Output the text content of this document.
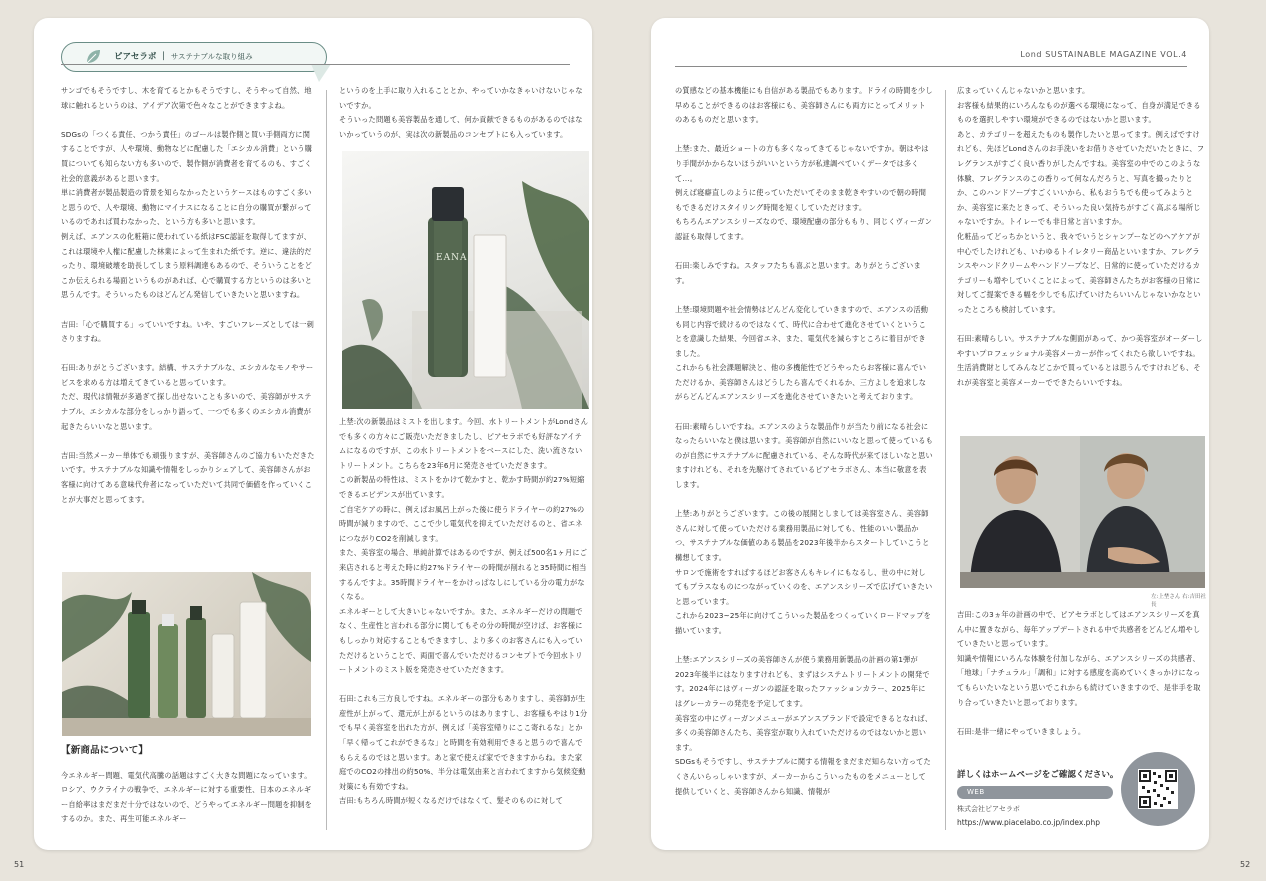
ピアセラボ ｜ サステナブルな取り組み

サンゴでもそうですし、木を育てるとかもそうですし、そうやって自然、地球に触れるというのは、アイデア次第で色々なことができますよね。

SDGsの「つくる責任、つかう責任」のゴールは製作側と買い手側両方に関することですが、人や環境、動物などに配慮した「エシカル消費」という購買についても知らない方も多いので、製作側が消費者を育てるのも、すごく社会的意義があると思います。
単に消費者が製品製造の背景を知らなかったというケースはものすごく多いと思うので、人や環境、動物にマイナスになることに自分の購買が繋がっているのであれば買わなかった、という方も多いと思います。
例えば、エアンスの化粧箱に使われている紙はFSC認証を取得してますが、これは環境や人権に配慮した林業によって生まれた紙です。逆に、違法的だったり、環境破壊を助長してしまう原料調達もあるので、そういうことをどこか伝えられる場面というものがあれば、心で購買する方というのは多いと思うんです。そういったものはどんどん発信していきたいと思いますね。

吉田:「心で購買する」っていいですね。いや、すごいフレーズとしては一刺さりますね。

石田:ありがとうございます。結構、サステナブルな、エシカルなモノやサービスを求める方は増えてきていると思っています。
ただ、現代は情報が多過ぎて探し出せないことも多いので、美容師がサステナブル、エシカルな部分をしっかり語って、一つでも多くのエシカル消費が起きたらいいなと思います。

吉田:当然メーカー単体でも頑張りますが、美容師さんのご協力もいただきたいです。サステナブルな知識や情報をしっかりシェアして、美容師さんがお客様に向けてある意味代弁者になっていただいて共同で価値を作っていくことが大事だと思ってます。

【新商品について】

今エネルギー問題、電気代高騰の話題はすごく大きな問題になっています。ロシア、ウクライナの戦争で、エネルギーに対する重要性、日本のエネルギー自給率はまだまだ十分ではないので、どうやってエネルギー問題を抑制をするのか。また、再生可能エネルギー

というのを上手に取り入れることとか、やっていかなきゃいけないじゃないですか。
そういった問題も美容製品を通して、何か貢献できるものがあるのではないかっていうのが、実は次の新製品のコンセプトにも入っています。

EANA

上埜:次の新製品はミストを出します。今回、水トリートメントがLondさんでも多くの方々にご販売いただきましたし、ピアセラボでも好評なアイテムになるのですが、この水トリートメントをベースにした、洗い流さないトリートメント。こちらを23年6月に発売させていただきます。
この新製品の特性は、ミストをかけて乾かすと、乾かす時間が約27%短縮できるエビデンスが出ています。
ご自宅ケアの時に、例えばお風呂上がった後に使うドライヤーの約27%の時間が減りますので、ここで少し電気代を抑えていただけるのと、省エネにつながりCO2を削減します。
また、美容室の場合、単純計算ではあるのですが、例えば500名1ヶ月にご来店されると考えた時に約27%ドライヤーの時間が削れると35時間に相当するんですよ。35時間ドライヤーをかけっぱなしにしている分の電力がなくなる。
エネルギーとして大きいじゃないですか。また、エネルギーだけの問題でなく、生産性と言われる部分に関してもその分の時間が空けば、お客様にもしっかり対応することもできますし、より多くのお客さんにも入っていただけるということで、両面で喜んでいただけるコンセプトで今回水トリートメントのミスト版を発売させていただきます。

石田:これも三方良しですね。エネルギーの部分もありますし、美容師が生産性が上がって、還元が上がるというのはありますし、お客様もやはり1分でも早く美容室を出れた方が、例えば「美容室帰りにここ寄れるな」とか「早く帰ってこれができるな」と時間を有効利用できると思うので喜んでもらえるのではと思います。あと家で使えば家でできますからね。また家庭でのCO2の排出の約50%、半分は電気由来と言われてますから気候変動対策にも有効ですね。
吉田:もちろん時間が短くなるだけではなくて、髪そのものに対して

51
Lond SUSTAINABLE MAGAZINE VOL.4

の質感などの基本機能にも自信がある製品でもあります。ドライの時間を少し早めることができるのはお客様にも、美容師さんにも両方にとってメリットのあるものだと思います。

上埜:また、最近ショートの方も多くなってきてるじゃないですか。朝はやはり手間がかからないほうがいいという方が私達調べていくデータでは多くて…。
例えば寝癖直しのように使っていただいてそのまま乾きやすいので朝の時間もできるだけスタイリング時間を短くしていただけます。
もちろんエアンスシリーズなので、環境配慮の部分ももり、同じくヴィーガン認証も取得してます。

石田:楽しみですね。スタッフたちも喜ぶと思います。ありがとうございます。

上埜:環境問題や社会情勢はどんどん変化していきますので、エアンスの活動も同じ内容で続けるのではなくて、時代に合わせて進化させていくということを意識した結果、今回省エネ、また、電気代を減らすところに着目ができました。
これからも社会課題解決と、他の多機能性でどうやったらお客様に喜んでいただけるか、美容師さんはどうしたら喜んでくれるか、三方よしを追求しながらどんどんエアンスシリーズを進化させていきたいと考えております。

石田:素晴らしいですね。エアンスのような製品作りが当たり前になる社会になったらいいなと僕は思います。美容師が自然にいいなと思って使っているものが自然にサステナブルに配慮されている、そんな時代が来てほしいなと思いますけれども、それを先駆けてされているピアセラボさん、本当に敬意を表します。

上埜:ありがとうございます。この後の展開としましては美容室さん、美容師さんに対して使っていただける業務用製品に対しても、性能のいい製品かつ、サステナブルな価値のある製品を2023年後半からスタートしていこうと構想してます。
サロンで施術をすればするほどお客さんもキレイにもなるし、世の中に対してもプラスなものにつながっていくのを、エアンスシリーズで広げていきたいと思っています。
これから2023~25年に向けてこういった製品をつくっていくロードマップを描いています。

上埜:エアンスシリーズの美容師さんが使う業務用新製品の計画の第1弾が2023年後半にはなりますけれども、まずはシステムトリートメントの開発です。2024年にはヴィーガンの認証を取ったファッションカラー、2025年にはグレーカラーの発売を予定してます。
美容室の中にヴィーガンメニューがエアンスブランドで設定できるとなれば、多くの美容師さんたち、美容室が取り入れていただけるのではないかと思います。
SDGsもそうですし、サステナブルに関する情報をまだまだ知らない方ってたくさんいらっしゃいますが、メーカーからこういったものをメニューとして提供していくと、美容師さんから知識、情報が

広まっていくんじゃないかと思います。
お客様も結果的にいろんなものが選べる環境になって、自身が満足できるものを選択しやすい環境ができるのではないかと思います。
あと、カテゴリーを超えたものも製作したいと思ってます。例えばですけれども、先ほどLondさんのお手洗いをお借りさせていただいたときに、フレグランスがすごく良い香りがしたんですね。美容室の中でのこのような体験、フレグランスのこの香りって何なんだろうと、写真を撮ったりとか、このハンドソープすごくいいから、私もおうちでも使ってみようとか、美容室に来たときって、そういった良い気持ちがすごく高ぶる場所じゃないですか。トイレーでも非日常と言いますか。
化粧品ってどっちかというと、我々でいうとシャンプーなどのヘアケアが中心でしたけれども、いわゆるトイレタリー商品といいますか、フレグランスやハンドクリームやハンドソープなど、日常的に使っていただけるカテゴリーも増やしていくことによって、美容師さんたちがお客様の日常に対してご提案できる幅を少しでも広げていけたらいいんじゃないかなといったところも検討しています。

石田:素晴らしい。サステナブルな側面があって、かつ美容室がオーダーしやすいプロフェッショナル美容メーカーが作ってくれたら欲しいですね。
生活消費財としてみんなどこかで買っているとは思うんですけれども、それが美容室と美容メーカーでできたらいいですね。

左:上埜さん 右:吉田社長

吉田:この3ヵ年の計画の中で、ピアセラボとしてはエアンスシリーズを真ん中に置きながら、毎年アップデートされる中で共感者をどんどん増やしていきたいと思っています。
知識や情報にいろんな体験を付加しながら、エアンスシリーズの共感者、「地球」「ナチュラル」「調和」に対する感度を高めていくきっかけになってもらいたいなという思いでこれからも続けていきますので、是非手を取り合っていきたいと思っております。

石田:是非一緒にやっていきましょう。

詳しくはホームページをご確認ください。
WEB
株式会社ピアセラボ
https://www.piacelabo.co.jp/index.php
52
